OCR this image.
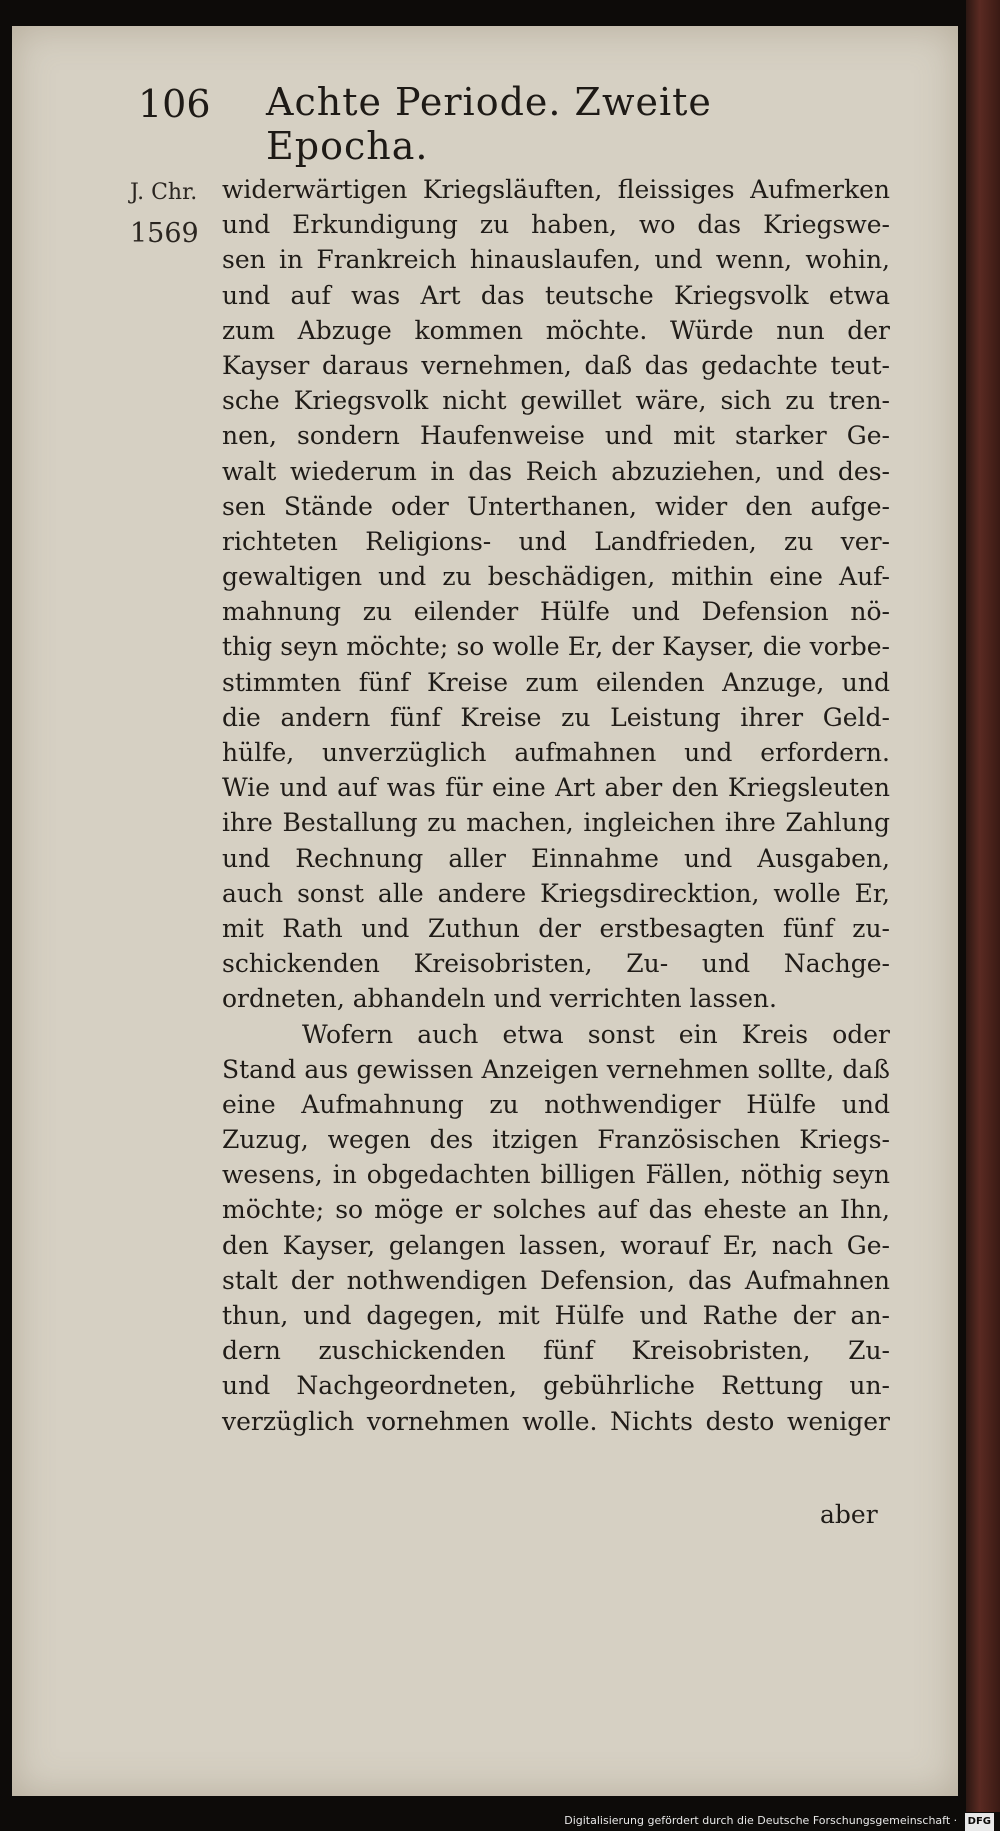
106 Achte Periode. Zweite Epocha.
J. Chr.
1569
widerwärtigen Kriegsläuften, fleissiges Aufmerken
und Erkundigung zu haben, wo das Kriegswe-
sen in Frankreich hinauslaufen, und wenn, wohin,
und auf was Art das teutsche Kriegsvolk etwa
zum Abzuge kommen möchte. Würde nun der
Kayser daraus vernehmen, daß das gedachte teut-
sche Kriegsvolk nicht gewillet wäre, sich zu tren-
nen, sondern Haufenweise und mit starker Ge-
walt wiederum in das Reich abzuziehen, und des-
sen Stände oder Unterthanen, wider den aufge-
richteten Religions- und Landfrieden, zu ver-
gewaltigen und zu beschädigen, mithin eine Auf-
mahnung zu eilender Hülfe und Defension nö-
thig seyn möchte; so wolle Er, der Kayser, die vorbe-
stimmten fünf Kreise zum eilenden Anzuge, und
die andern fünf Kreise zu Leistung ihrer Geld-
hülfe, unverzüglich aufmahnen und erfordern.
Wie und auf was für eine Art aber den Kriegsleuten
ihre Bestallung zu machen, ingleichen ihre Zahlung
und Rechnung aller Einnahme und Ausgaben,
auch sonst alle andere Kriegsdirecktion, wolle Er,
mit Rath und Zuthun der erstbesagten fünf zu-
schickenden Kreisobristen, Zu- und Nachge-
ordneten, abhandeln und verrichten lassen.
Wofern auch etwa sonst ein Kreis oder
Stand aus gewissen Anzeigen vernehmen sollte, daß
eine Aufmahnung zu nothwendiger Hülfe und
Zuzug, wegen des itzigen Französischen Kriegs-
wesens, in obgedachten billigen Fällen, nöthig seyn
möchte; so möge er solches auf das eheste an Ihn,
den Kayser, gelangen lassen, worauf Er, nach Ge-
stalt der nothwendigen Defension, das Aufmahnen
thun, und dagegen, mit Hülfe und Rathe der an-
dern zuschickenden fünf Kreisobristen, Zu-
und Nachgeordneten, gebührliche Rettung un-
verzüglich vornehmen wolle. Nichts desto weniger
aber
Digitalisierung gefördert durch die Deutsche Forschungsgemeinschaft · DFG
